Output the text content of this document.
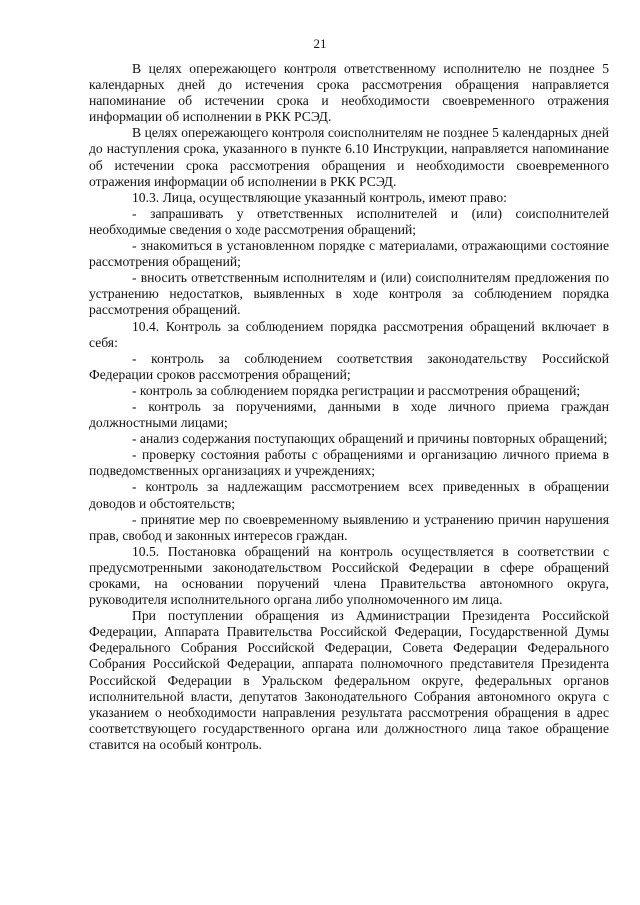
21

В целях опережающего контроля ответственному исполнителю не позднее 5 календарных дней до истечения срока рассмотрения обращения направляется напоминание об истечении срока и необходимости своевременного отражения информации об исполнении в РКК РСЭД.

В целях опережающего контроля соисполнителям не позднее 5 календарных дней до наступления срока, указанного в пункте 6.10 Инструкции, направляется напоминание об истечении срока рассмотрения обращения и необходимости своевременного отражения информации об исполнении в РКК РСЭД.

10.3. Лица, осуществляющие указанный контроль, имеют право:

- запрашивать у ответственных исполнителей и (или) соисполнителей необходимые сведения о ходе рассмотрения обращений;

- знакомиться в установленном порядке с материалами, отражающими состояние рассмотрения обращений;

- вносить ответственным исполнителям и (или) соисполнителям предложения по устранению недостатков, выявленных в ходе контроля за соблюдением порядка рассмотрения обращений.

10.4. Контроль за соблюдением порядка рассмотрения обращений включает в себя:

- контроль за соблюдением соответствия законодательству Российской Федерации сроков рассмотрения обращений;

- контроль за соблюдением порядка регистрации и рассмотрения обращений;

- контроль за поручениями, данными в ходе личного приема граждан должностными лицами;

- анализ содержания поступающих обращений и причины повторных обращений;

- проверку состояния работы с обращениями и организацию личного приема в подведомственных организациях и учреждениях;

- контроль за надлежащим рассмотрением всех приведенных в обращении доводов и обстоятельств;

- принятие мер по своевременному выявлению и устранению причин нарушения прав, свобод и законных интересов граждан.

10.5. Постановка обращений на контроль осуществляется в соответствии с предусмотренными законодательством Российской Федерации в сфере обращений сроками, на основании поручений члена Правительства автономного округа, руководителя исполнительного органа либо уполномоченного им лица.

При поступлении обращения из Администрации Президента Российской Федерации, Аппарата Правительства Российской Федерации, Государственной Думы Федерального Собрания Российской Федерации, Совета Федерации Федерального Собрания Российской Федерации, аппарата полномочного представителя Президента Российской Федерации в Уральском федеральном округе, федеральных органов исполнительной власти, депутатов Законодательного Собрания автономного округа с указанием о необходимости направления результата рассмотрения обращения в адрес соответствующего государственного органа или должностного лица такое обращение ставится на особый контроль.
